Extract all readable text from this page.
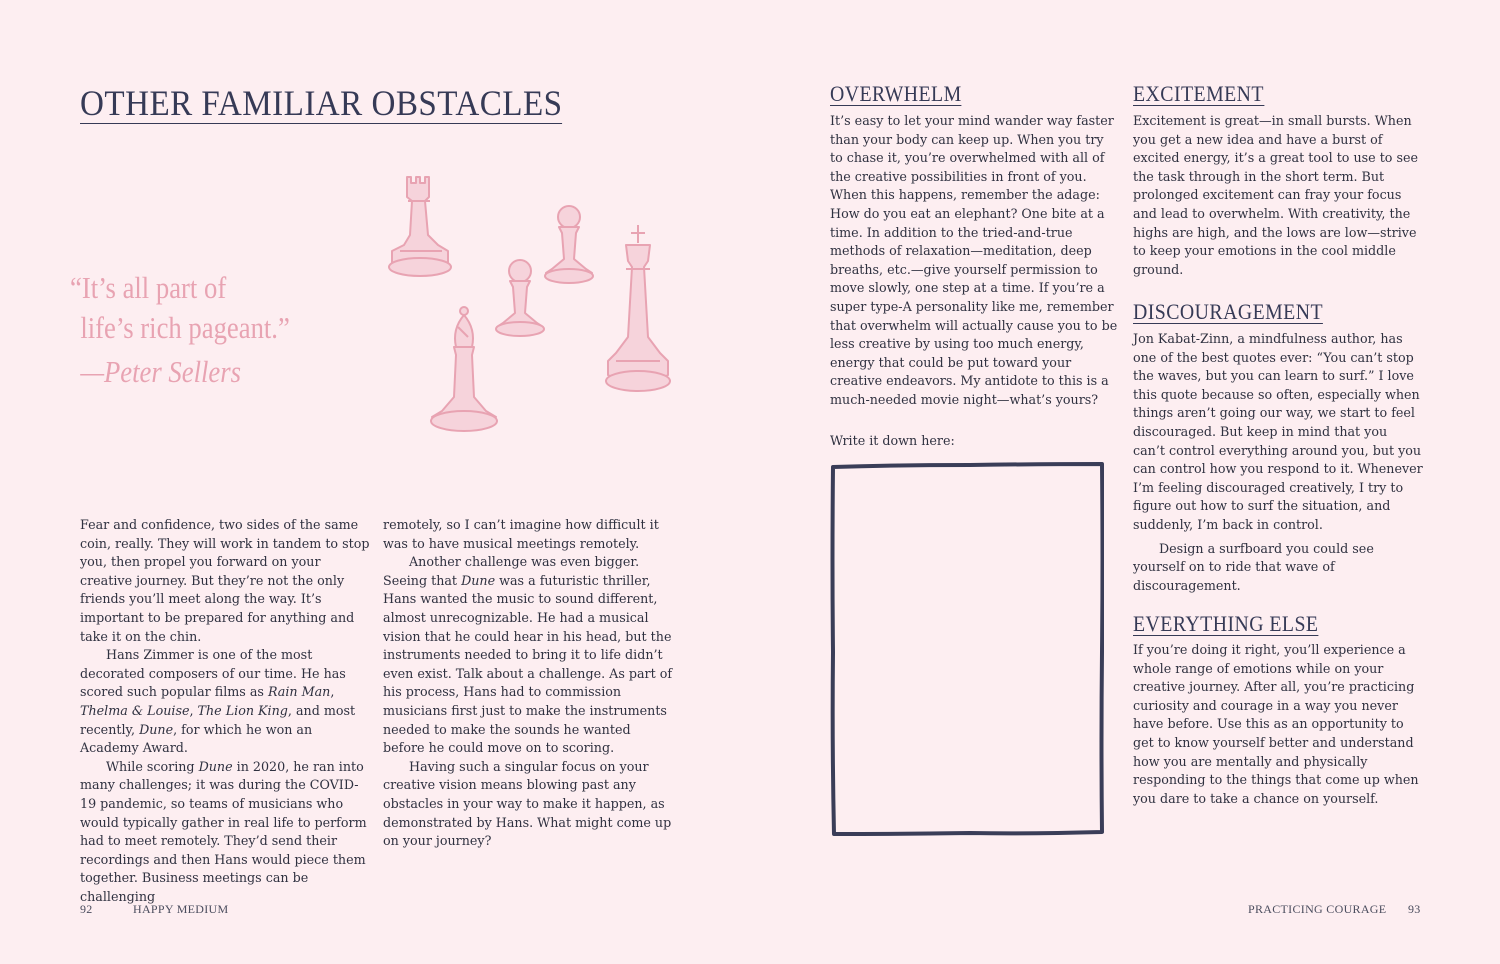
OTHER FAMILIAR OBSTACLES
“It’s all part of
life’s rich pageant.”
—Peter Sellers

Fear and confidence, two sides of the same coin, really. They will work in tandem to stop you, then propel you forward on your creative journey. But they’re not the only friends you’ll meet along the way. It’s important to be prepared for anything and take it on the chin.

Hans Zimmer is one of the most decorated composers of our time. He has scored such popular films as Rain Man, Thelma & Louise, The Lion King, and most recently, Dune, for which he won an Academy Award.

While scoring Dune in 2020, he ran into many challenges; it was during the COVID-19 pandemic, so teams of musicians who would typically gather in real life to perform had to meet remotely. They’d send their recordings and then Hans would piece them together. Business meetings can be challenging

remotely, so I can’t imagine how difficult it was to have musical meetings remotely.

Another challenge was even bigger. Seeing that Dune was a futuristic thriller, Hans wanted the music to sound different, almost unrecognizable. He had a musical vision that he could hear in his head, but the instruments needed to bring it to life didn’t even exist. Talk about a challenge. As part of his process, Hans had to commission musicians first just to make the instruments needed to make the sounds he wanted before he could move on to scoring.

Having such a singular focus on your creative vision means blowing past any obstacles in your way to make it happen, as demonstrated by Hans. What might come up on your journey?

92	HAPPY MEDIUM
OVERWHELM

It’s easy to let your mind wander way faster than your body can keep up. When you try to chase it, you’re overwhelmed with all of the creative possibilities in front of you. When this happens, remember the adage: How do you eat an elephant? One bite at a time. In addition to the tried-and-true methods of relaxation—meditation, deep breaths, etc.—give yourself permission to move slowly, one step at a time. If you’re a super type-A personality like me, remember that overwhelm will actually cause you to be less creative by using too much energy, energy that could be put toward your creative endeavors. My antidote to this is a much-needed movie night—what’s yours?

Write it down here:
EXCITEMENT

Excitement is great—in small bursts. When you get a new idea and have a burst of excited energy, it’s a great tool to use to see the task through in the short term. But prolonged excitement can fray your focus and lead to overwhelm. With creativity, the highs are high, and the lows are low—strive to keep your emotions in the cool middle ground.

DISCOURAGEMENT

Jon Kabat-Zinn, a mindfulness author, has one of the best quotes ever: “You can’t stop the waves, but you can learn to surf.” I love this quote because so often, especially when things aren’t going our way, we start to feel discouraged. But keep in mind that you can’t control everything around you, but you can control how you respond to it. Whenever I’m feeling discouraged creatively, I try to figure out how to surf the situation, and suddenly, I’m back in control.

Design a surfboard you could see yourself on to ride that wave of discouragement.

EVERYTHING ELSE

If you’re doing it right, you’ll experience a whole range of emotions while on your creative journey. After all, you’re practicing curiosity and courage in a way you never have before. Use this as an opportunity to get to know yourself better and understand how you are mentally and physically responding to the things that come up when you dare to take a chance on yourself.

PRACTICING COURAGE 93
